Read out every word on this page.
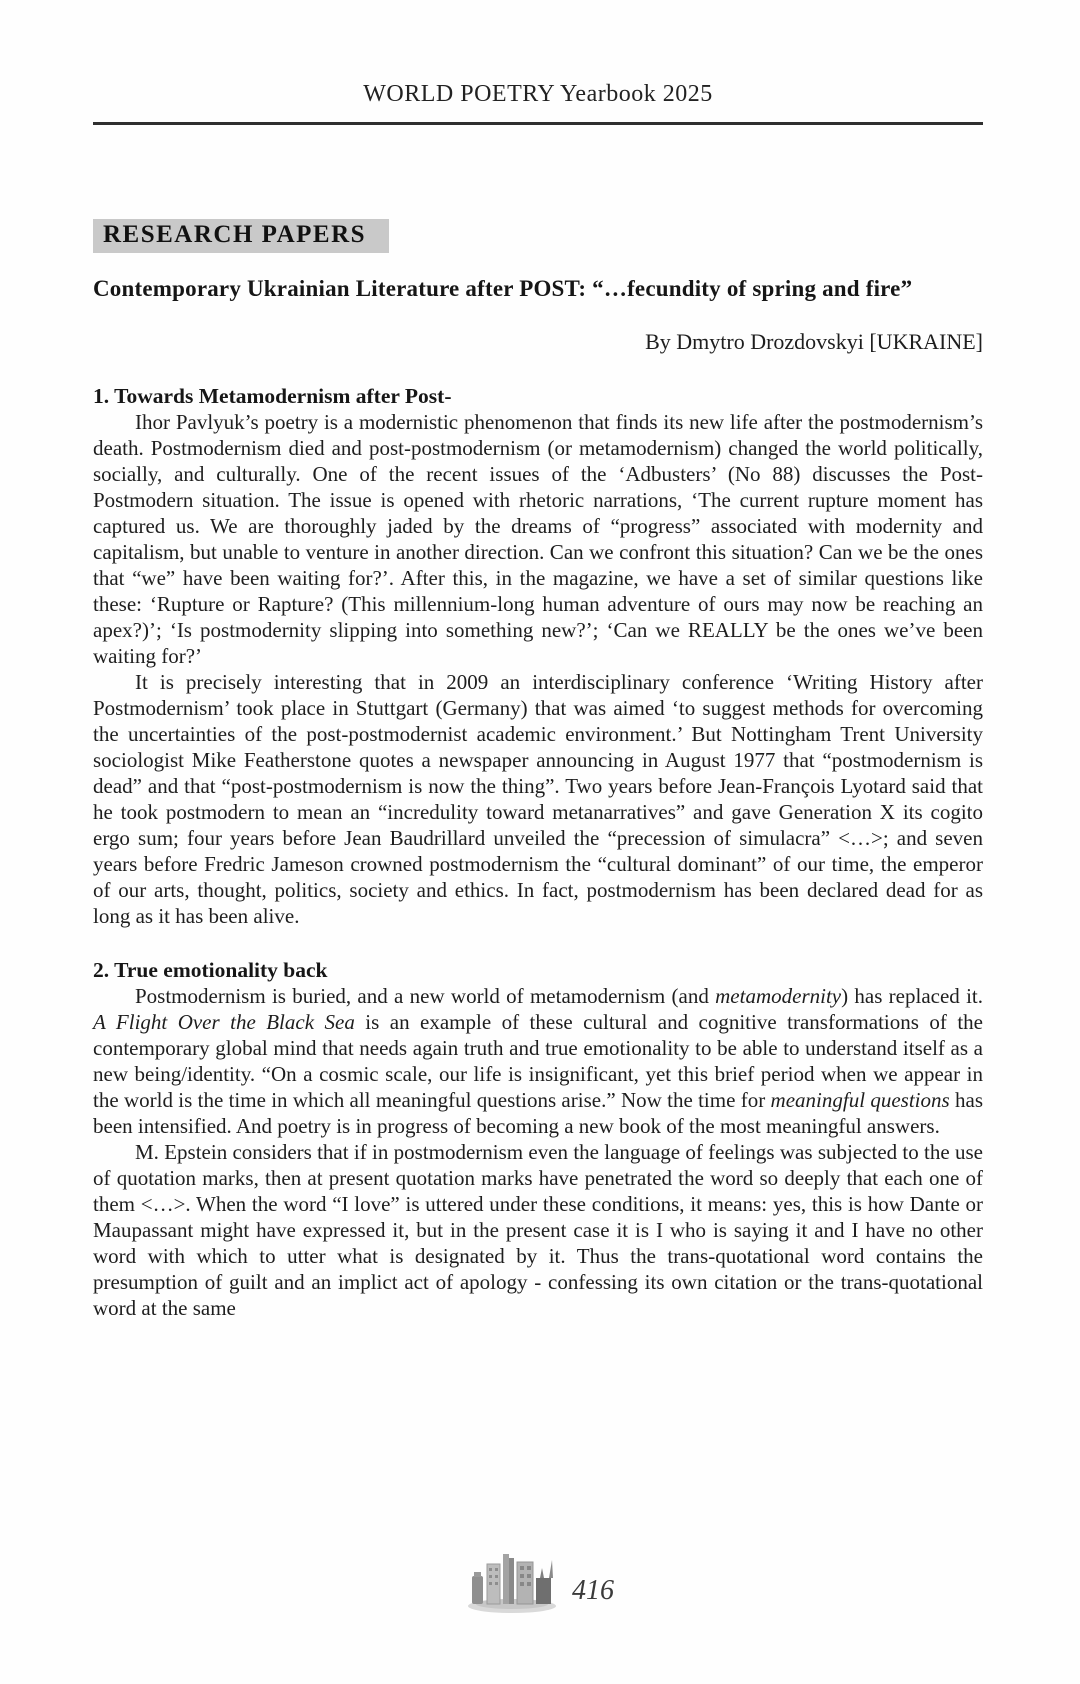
WORLD POETRY Yearbook 2025
RESEARCH PAPERS
Contemporary Ukrainian Literature after POST: “…fecundity of spring and fire”
By Dmytro Drozdovskyi [UKRAINE]
1. Towards Metamodernism after Post-

Ihor Pavlyuk’s poetry is a modernistic phenomenon that finds its new life after the postmodernism’s death. Postmodernism died and post-postmodernism (or metamodernism) changed the world politically, socially, and culturally. One of the recent issues of the ‘Adbusters’ (No 88) discusses the Post-Postmodern situation. The issue is opened with rhetoric narrations, ‘The current rupture moment has captured us. We are thoroughly jaded by the dreams of “progress” associated with modernity and capitalism, but unable to venture in another direction. Can we confront this situation? Can we be the ones that “we” have been waiting for?’. After this, in the magazine, we have a set of similar questions like these: ‘Rupture or Rapture? (This millennium-long human adventure of ours may now be reaching an apex?)’; ‘Is postmodernity slipping into something new?’; ‘Can we REALLY be the ones we’ve been waiting for?’

It is precisely interesting that in 2009 an interdisciplinary conference ‘Writing History after Postmodernism’ took place in Stuttgart (Germany) that was aimed ‘to suggest methods for overcoming the uncertainties of the post-postmodernist academic environment.’ But Nottingham Trent University sociologist Mike Featherstone quotes a newspaper announcing in August 1977 that “postmodernism is dead” and that “post-postmodernism is now the thing”. Two years before Jean-François Lyotard said that he took postmodern to mean an “incredulity toward metanarratives” and gave Generation X its cogito ergo sum; four years before Jean Baudrillard unveiled the “precession of simulacra” <…>; and seven years before Fredric Jameson crowned postmodernism the “cultural dominant” of our time, the emperor of our arts, thought, politics, society and ethics. In fact, postmodernism has been declared dead for as long as it has been alive.

2. True emotionality back

Postmodernism is buried, and a new world of metamodernism (and metamodernity) has replaced it. A Flight Over the Black Sea is an example of these cultural and cognitive transformations of the contemporary global mind that needs again truth and true emotionality to be able to understand itself as a new being/identity. “On a cosmic scale, our life is insignificant, yet this brief period when we appear in the world is the time in which all meaningful questions arise.” Now the time for meaningful questions has been intensified. And poetry is in progress of becoming a new book of the most meaningful answers.

M. Epstein considers that if in postmodernism even the language of feelings was subjected to the use of quotation marks, then at present quotation marks have penetrated the word so deeply that each one of them <…>. When the word “I love” is uttered under these conditions, it means: yes, this is how Dante or Maupassant might have expressed it, but in the present case it is I who is saying it and I have no other word with which to utter what is designated by it. Thus the trans-quotational word contains the presumption of guilt and an implict act of apology - confessing its own citation or the trans-quotational word at the same

416
